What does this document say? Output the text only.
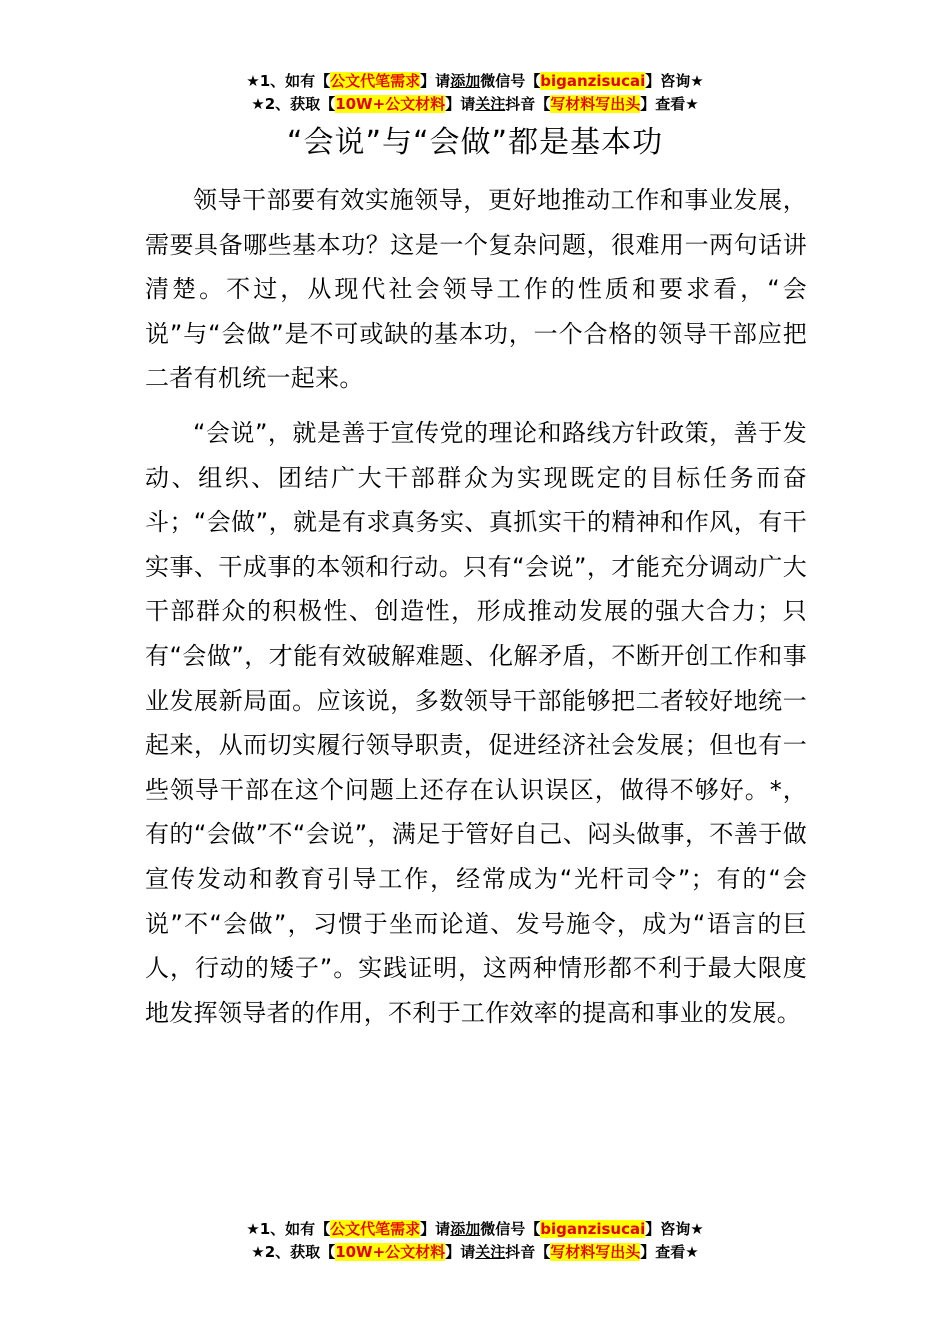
★1、如有【公文代笔需求】请添加微信号【biganzisucai】咨询★
★2、获取【10W+公文材料】请关注抖音【写材料写出头】查看★
“会说”与“会做”都是基本功

领导干部要有效实施领导，更好地推动工作和事业发展，需要具备哪些基本功？这是一个复杂问题，很难用一两句话讲清楚。不过，从现代社会领导工作的性质和要求看，“会说”与“会做”是不可或缺的基本功，一个合格的领导干部应把二者有机统一起来。

“会说”，就是善于宣传党的理论和路线方针政策，善于发动、组织、团结广大干部群众为实现既定的目标任务而奋斗；“会做”，就是有求真务实、真抓实干的精神和作风，有干实事、干成事的本领和行动。只有“会说”，才能充分调动广大干部群众的积极性、创造性，形成推动发展的强大合力；只有“会做”，才能有效破解难题、化解矛盾，不断开创工作和事业发展新局面。应该说，多数领导干部能够把二者较好地统一起来，从而切实履行领导职责，促进经济社会发展；但也有一些领导干部在这个问题上还存在认识误区，做得不够好。*，有的“会做”不“会说”，满足于管好自己、闷头做事，不善于做宣传发动和教育引导工作，经常成为“光杆司令”；有的“会说”不“会做”，习惯于坐而论道、发号施令，成为“语言的巨人，行动的矮子”。实践证明，这两种情形都不利于最大限度地发挥领导者的作用，不利于工作效率的提高和事业的发展。

★1、如有【公文代笔需求】请添加微信号【biganzisucai】咨询★
★2、获取【10W+公文材料】请关注抖音【写材料写出头】查看★
